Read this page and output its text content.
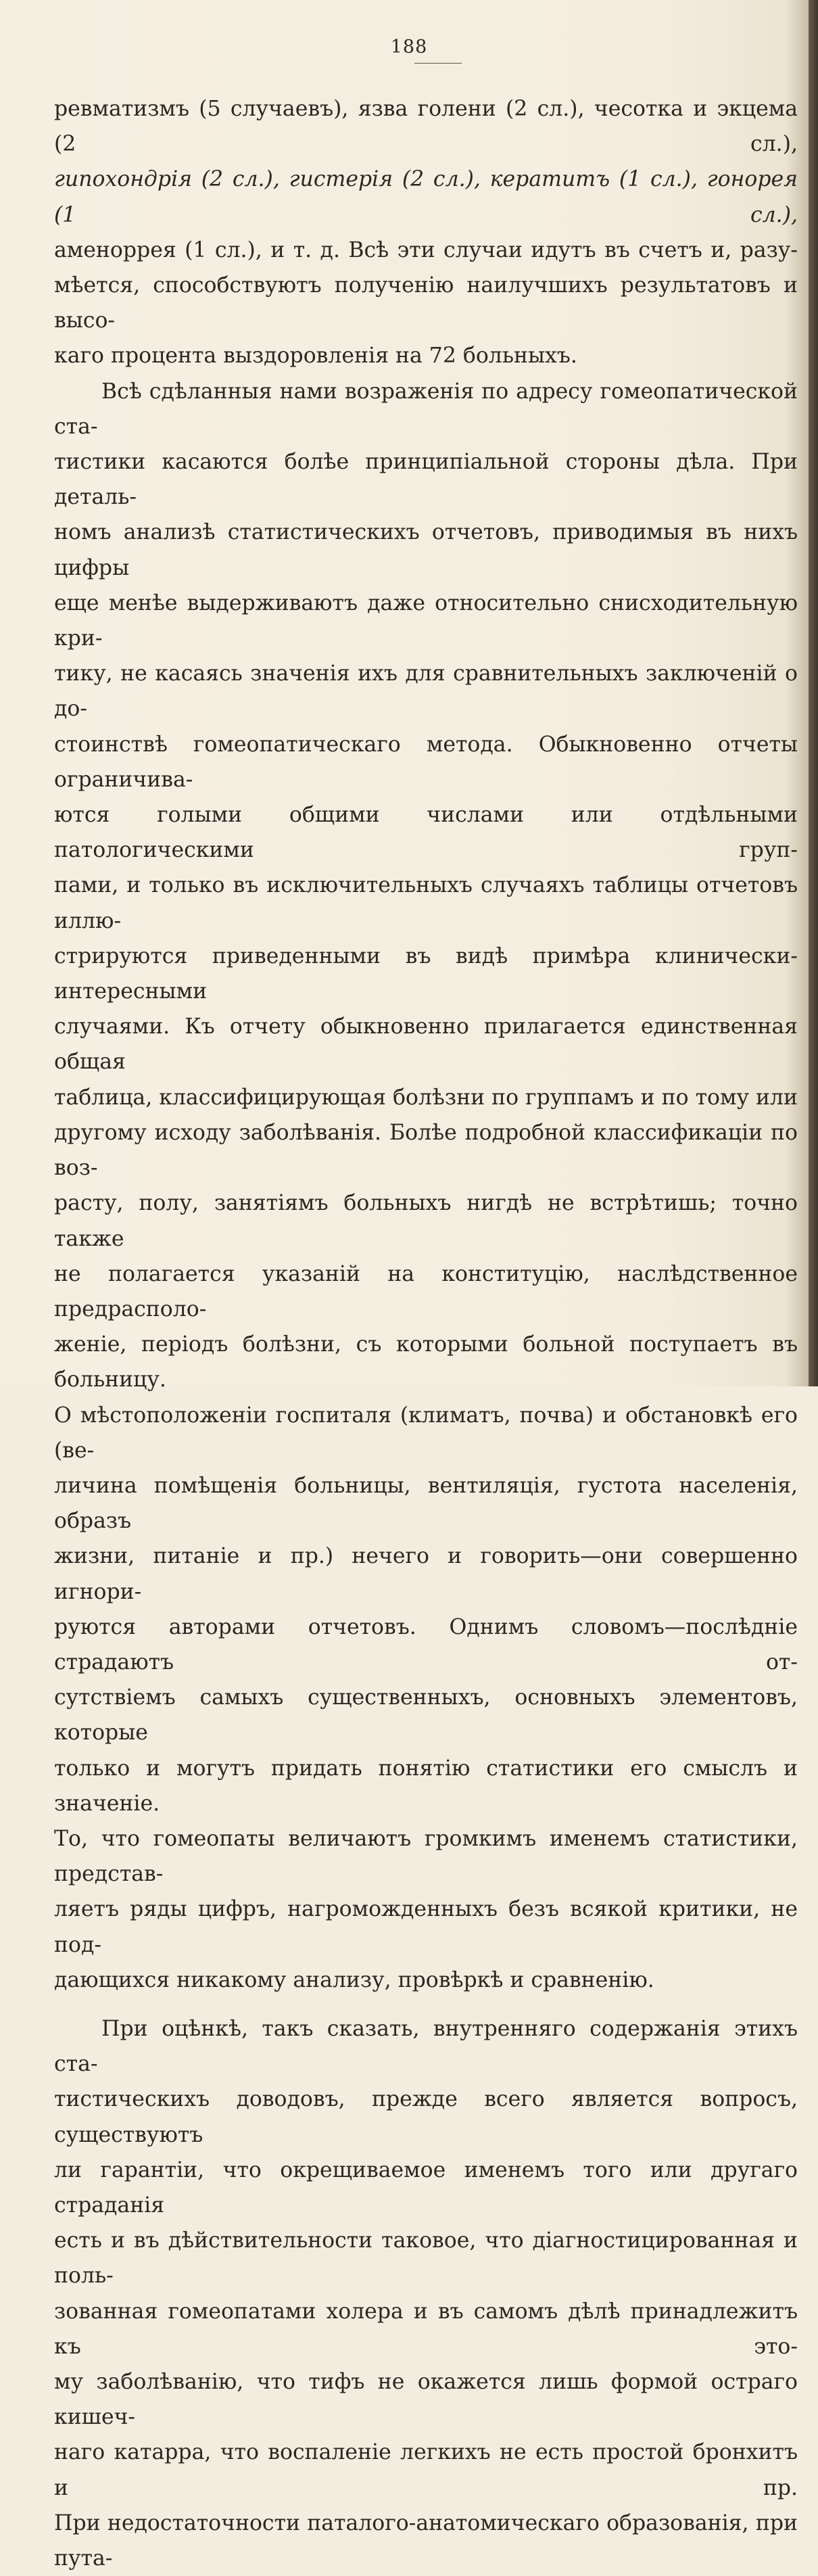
188

ревматизмъ (5 случаевъ), язва голени (2 сл.), чесотка и экцема (2 сл.),

гипохондрія (2 сл.), гистерія (2 сл.), кератитъ (1 сл.), гонорея (1 сл.),

аменоррея (1 сл.), и т. д. Всѣ эти случаи идутъ въ счетъ и, разу-

мѣется, способствуютъ полученію наилучшихъ результатовъ и высо-

каго процента выздоровленія на 72 больныхъ.

Всѣ сдѣланныя нами возраженія по адресу гомеопатической ста-

тистики касаются болѣе принципіальной стороны дѣла. При деталь-

номъ анализѣ статистическихъ отчетовъ, приводимыя въ нихъ цифры

еще менѣе выдерживаютъ даже относительно снисходительную кри-

тику, не касаясь значенія ихъ для сравнительныхъ заключеній о до-

стоинствѣ гомеопатическаго метода. Обыкновенно отчеты ограничива-

ются голыми общими числами или отдѣльными патологическими груп-

пами, и только въ исключительныхъ случаяхъ таблицы отчетовъ иллю-

стрируются приведенными въ видѣ примѣра клинически-интересными

случаями. Къ отчету обыкновенно прилагается единственная общая

таблица, классифицирующая болѣзни по группамъ и по тому или

другому исходу заболѣванія. Болѣе подробной классификаціи по воз-

расту, полу, занятіямъ больныхъ нигдѣ не встрѣтишь; точно также

не полагается указаній на конституцію, наслѣдственное предрасполо-

женіе, періодъ болѣзни, съ которыми больной поступаетъ въ больницу.

О мѣстоположеніи госпиталя (климатъ, почва) и обстановкѣ его (ве-

личина помѣщенія больницы, вентиляція, густота населенія, образъ

жизни, питаніе и пр.) нечего и говорить—они совершенно игнори-

руются авторами отчетовъ. Однимъ словомъ—послѣдніе страдаютъ от-

сутствіемъ самыхъ существенныхъ, основныхъ элементовъ, которые

только и могутъ придать понятію статистики его смыслъ и значеніе.

То, что гомеопаты величаютъ громкимъ именемъ статистики, представ-

ляетъ ряды цифръ, нагроможденныхъ безъ всякой критики, не под-

дающихся никакому анализу, провѣркѣ и сравненію.

При оцѣнкѣ, такъ сказать, внутренняго содержанія этихъ ста-

тистическихъ доводовъ, прежде всего является вопросъ, существуютъ

ли гарантіи, что окрещиваемое именемъ того или другаго страданія

есть и въ дѣйствительности таковое, что діагностицированная и поль-

зованная гомеопатами холера и въ самомъ дѣлѣ принадлежитъ къ это-

му заболѣванію, что тифъ не окажется лишь формой остраго кишеч-

наго катарра, что воспаленіе легкихъ не есть простой бронхитъ и пр.

При недостаточности паталого-анатомическаго образованія, при пута-
